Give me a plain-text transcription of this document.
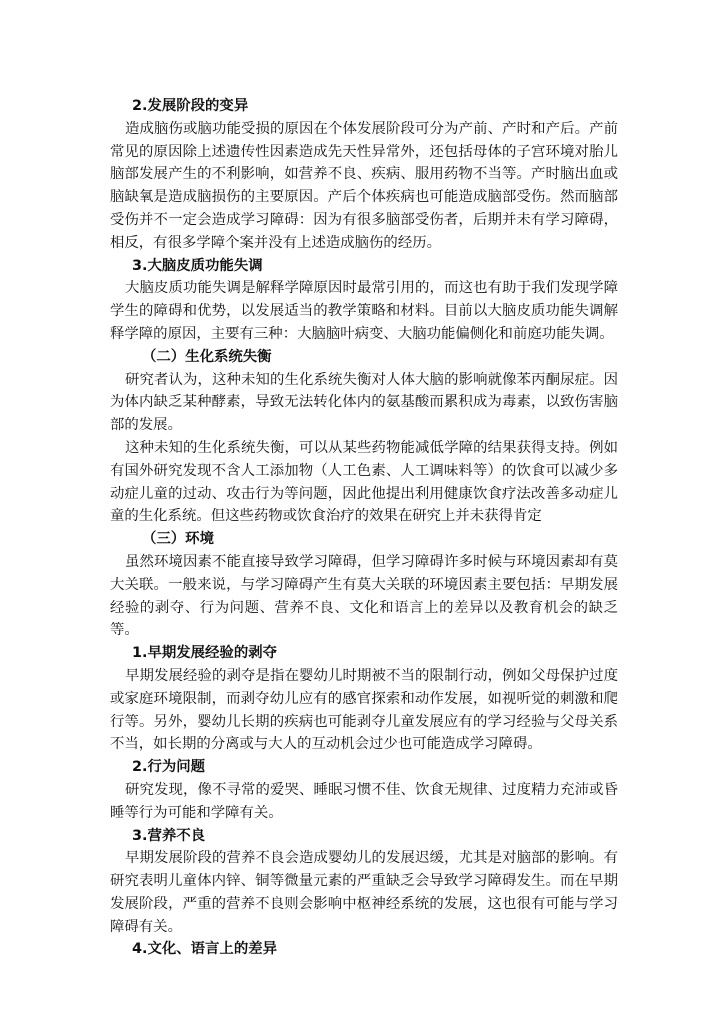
2.发展阶段的变异

造成脑伤或脑功能受损的原因在个体发展阶段可分为产前、产时和产后。产前常见的原因除上述遗传性因素造成先天性异常外，还包括母体的子宫环境对胎儿脑部发展产生的不利影响，如营养不良、疾病、服用药物不当等。产时脑出血或脑缺氧是造成脑损伤的主要原因。产后个体疾病也可能造成脑部受伤。然而脑部受伤并不一定会造成学习障碍：因为有很多脑部受伤者，后期并未有学习障碍，相反，有很多学障个案并没有上述造成脑伤的经历。

3.大脑皮质功能失调

大脑皮质功能失调是解释学障原因时最常引用的，而这也有助于我们发现学障学生的障碍和优势，以发展适当的教学策略和材料。目前以大脑皮质功能失调解释学障的原因，主要有三种：大脑脑叶病变、大脑功能偏侧化和前庭功能失调。

（二）生化系统失衡

研究者认为，这种未知的生化系统失衡对人体大脑的影响就像苯丙酮尿症。因为体内缺乏某种酵素，导致无法转化体内的氨基酸而累积成为毒素，以致伤害脑部的发展。

这种未知的生化系统失衡，可以从某些药物能减低学障的结果获得支持。例如有国外研究发现不含人工添加物（人工色素、人工调味料等）的饮食可以减少多动症儿童的过动、攻击行为等问题，因此他提出利用健康饮食疗法改善多动症儿童的生化系统。但这些药物或饮食治疗的效果在研究上并未获得肯定

（三）环境

虽然环境因素不能直接导致学习障碍，但学习障碍许多时候与环境因素却有莫大关联。一般来说，与学习障碍产生有莫大关联的环境因素主要包括：早期发展经验的剥夺、行为问题、营养不良、文化和语言上的差异以及教育机会的缺乏等。

1.早期发展经验的剥夺

早期发展经验的剥夺是指在婴幼儿时期被不当的限制行动，例如父母保护过度或家庭环境限制，而剥夺幼儿应有的感官探索和动作发展，如视听觉的刺激和爬行等。另外，婴幼儿长期的疾病也可能剥夺儿童发展应有的学习经验与父母关系不当，如长期的分离或与大人的互动机会过少也可能造成学习障碍。

2.行为问题

研究发现，像不寻常的爱哭、睡眠习惯不佳、饮食无规律、过度精力充沛或昏睡等行为可能和学障有关。

3.营养不良

早期发展阶段的营养不良会造成婴幼儿的发展迟缓，尤其是对脑部的影响。有研究表明儿童体内锌、铜等微量元素的严重缺乏会导致学习障碍发生。而在早期发展阶段，严重的营养不良则会影响中枢神经系统的发展，这也很有可能与学习障碍有关。

4.文化、语言上的差异
